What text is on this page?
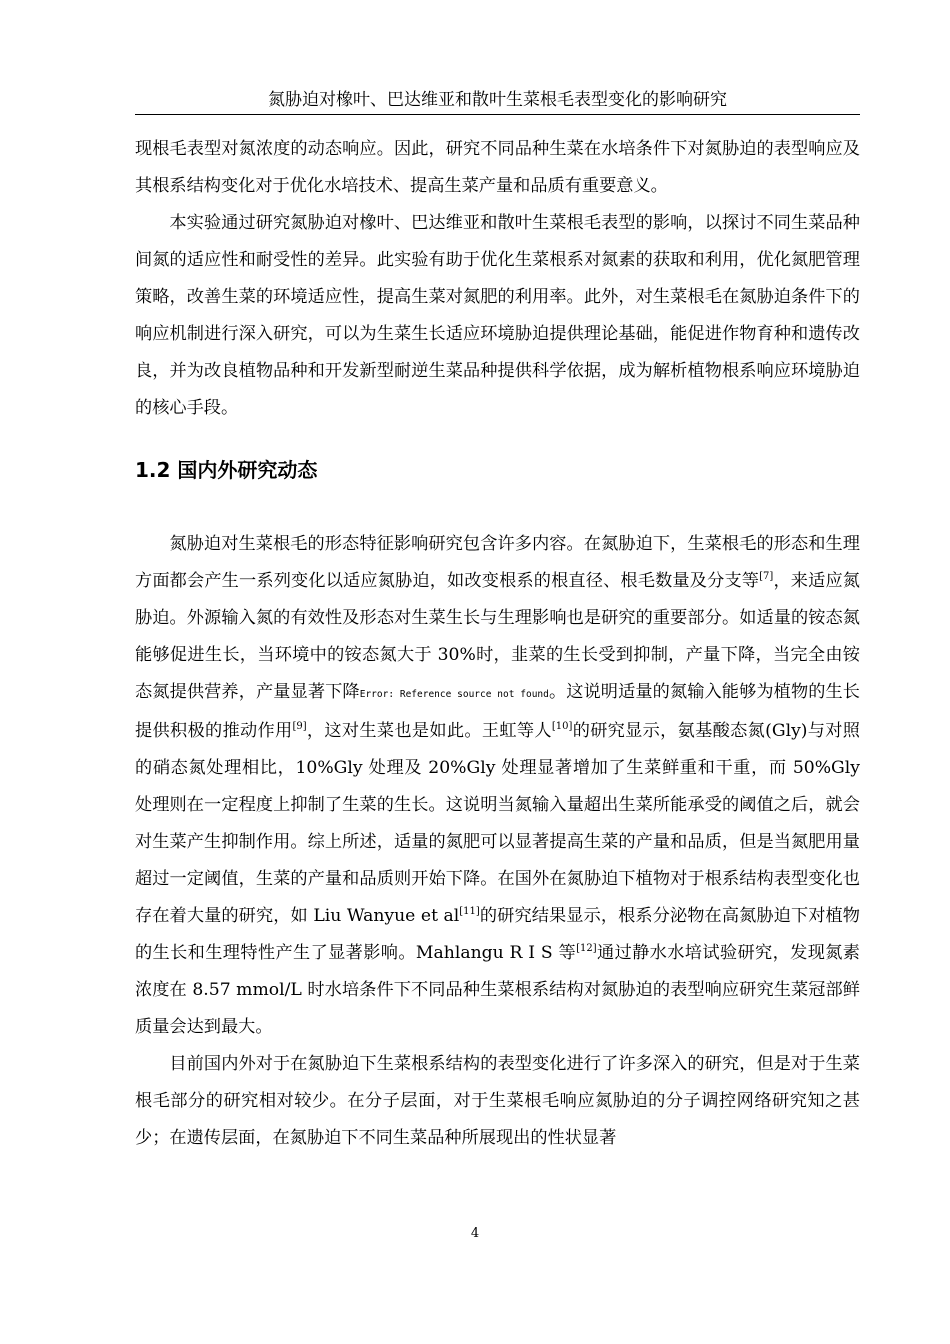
氮胁迫对橡叶、巴达维亚和散叶生菜根毛表型变化的影响研究

现根毛表型对氮浓度的动态响应。因此，研究不同品种生菜在水培条件下对氮胁迫的表型响应及其根系结构变化对于优化水培技术、提高生菜产量和品质有重要意义。

本实验通过研究氮胁迫对橡叶、巴达维亚和散叶生菜根毛表型的影响，以探讨不同生菜品种间氮的适应性和耐受性的差异。此实验有助于优化生菜根系对氮素的获取和利用，优化氮肥管理策略，改善生菜的环境适应性，提高生菜对氮肥的利用率。此外，对生菜根毛在氮胁迫条件下的响应机制进行深入研究，可以为生菜生长适应环境胁迫提供理论基础，能促进作物育种和遗传改良，并为改良植物品种和开发新型耐逆生菜品种提供科学依据，成为解析植物根系响应环境胁迫的核心手段。

1.2 国内外研究动态

氮胁迫对生菜根毛的形态特征影响研究包含许多内容。在氮胁迫下，生菜根毛的形态和生理方面都会产生一系列变化以适应氮胁迫，如改变根系的根直径、根毛数量及分支等[7]，来适应氮胁迫。外源输入氮的有效性及形态对生菜生长与生理影响也是研究的重要部分。如适量的铵态氮能够促进生长，当环境中的铵态氮大于 30%时，韭菜的生长受到抑制，产量下降，当完全由铵态氮提供营养，产量显著下降Error: Reference source not found。这说明适量的氮输入能够为植物的生长提供积极的推动作用[9]，这对生菜也是如此。王虹等人[10]的研究显示，氨基酸态氮(Gly)与对照的硝态氮处理相比，10%Gly 处理及 20%Gly 处理显著增加了生菜鲜重和干重，而 50%Gly 处理则在一定程度上抑制了生菜的生长。这说明当氮输入量超出生菜所能承受的阈值之后，就会对生菜产生抑制作用。综上所述，适量的氮肥可以显著提高生菜的产量和品质，但是当氮肥用量超过一定阈值，生菜的产量和品质则开始下降。在国外在氮胁迫下植物对于根系结构表型变化也存在着大量的研究，如 Liu Wanyue et al[11]的研究结果显示，根系分泌物在高氮胁迫下对植物的生长和生理特性产生了显著影响。Mahlangu R I S 等[12]通过静水水培试验研究，发现氮素浓度在 8.57 mmol/L 时水培条件下不同品种生菜根系结构对氮胁迫的表型响应研究生菜冠部鲜质量会达到最大。

目前国内外对于在氮胁迫下生菜根系结构的表型变化进行了许多深入的研究，但是对于生菜根毛部分的研究相对较少。在分子层面，对于生菜根毛响应氮胁迫的分子调控网络研究知之甚少；在遗传层面，在氮胁迫下不同生菜品种所展现出的性状显著

4
